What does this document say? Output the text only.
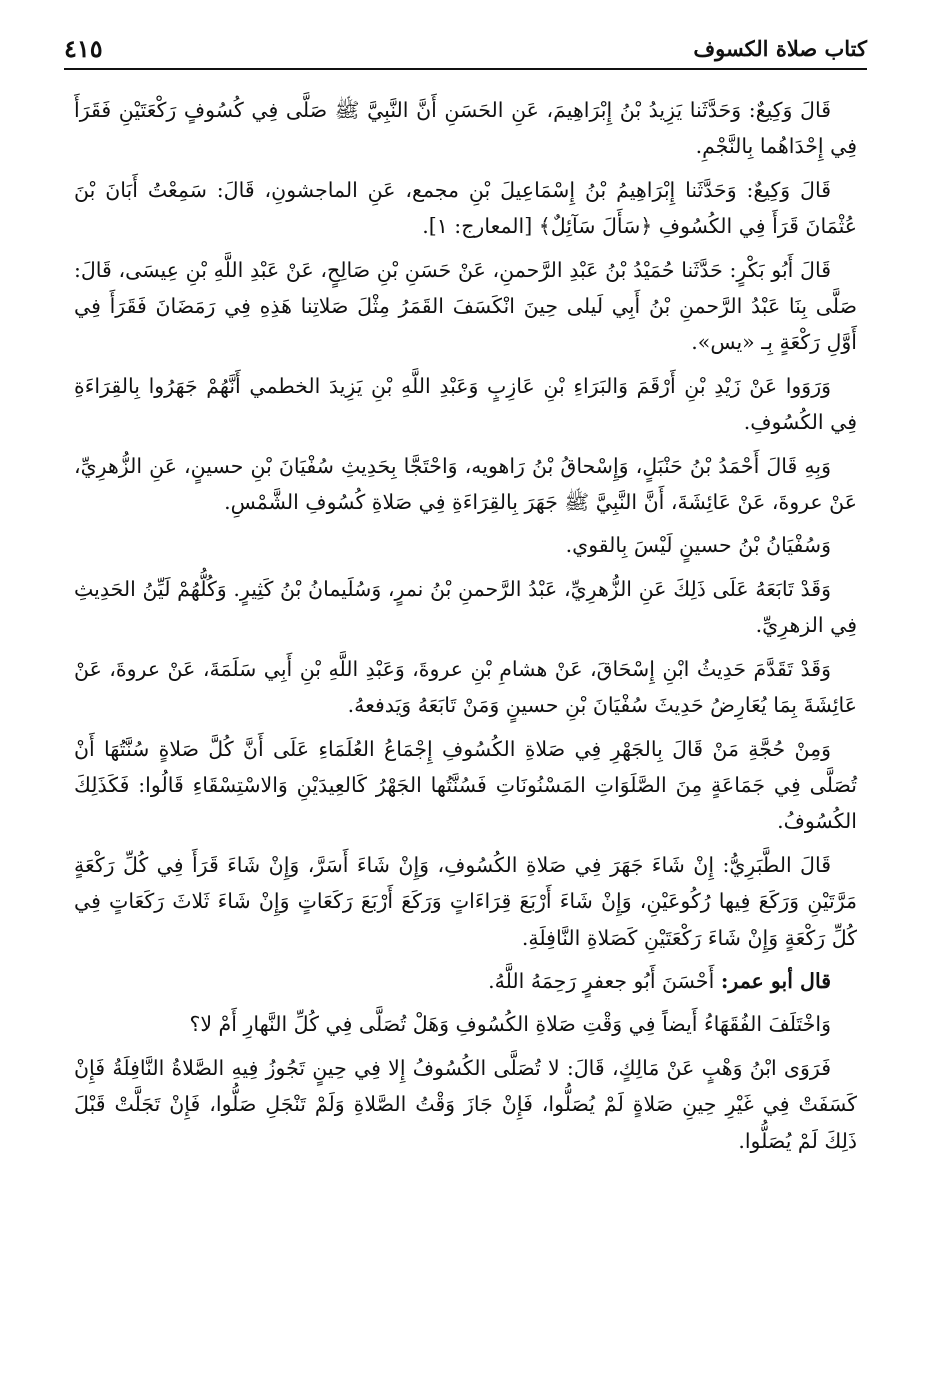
كتاب صلاة الكسوف
٤١٥

قَالَ وَكِيعٌ: وَحَدَّثَنا يَزِيدُ بْنُ إِبْرَاهِيمَ، عَنِ الحَسَنِ أَنَّ النَّبِيَّ ﷺ صَلَّى فِي كُسُوفٍ رَكْعَتَيْنِ فَقَرَأَ فِي إِحْدَاهُما بِالنَّجْمِ.

قَالَ وَكِيعٌ: وَحَدَّثَنا إِبْرَاهِيمُ بْنُ إِسْمَاعِيلَ بْنِ مجمع، عَنِ الماجشونِ، قَالَ: سَمِعْتُ أَبَانَ بْنَ عُثْمَانَ قَرَأَ فِي الكُسُوفِ ﴿سَأَلَ سَآئِلٌ﴾ [المعارج: ١].

قَالَ أَبُو بَكْرٍ: حَدَّثَنا حُمَيْدُ بْنُ عَبْدِ الرَّحمنِ، عَنْ حَسَنِ بْنِ صَالِحٍ، عَنْ عَبْدِ اللَّهِ بْنِ عِيسَى، قَالَ: صَلَّى بِنَا عَبْدُ الرَّحمنِ بْنُ أَبِي لَيلى حِينَ انْكَسَفَ القَمَرُ مِثْلَ صَلاتِنا هَذِهِ فِي رَمَضَانَ فَقَرَأَ فِي أَوَّلِ رَكْعَةٍ بِـ «يس».

وَرَوَوا عَنْ زَيْدِ بْنِ أَرْقَمَ وَالبَرَاءِ بْنِ عَازِبٍ وَعَبْدِ اللَّهِ بْنِ يَزِيدَ الخطمي أَنَّهُمْ جَهَرُوا بِالقِرَاءَةِ فِي الكُسُوفِ.

وَبِهِ قَالَ أَحْمَدُ بْنُ حَنْبَلٍ، وَإِسْحاقُ بْنُ رَاهويه، وَاحْتَجَّا بِحَدِيثِ سُفْيَانَ بْنِ حسينٍ، عَنِ الزُّهرِيِّ، عَنْ عروةَ، عَنْ عَائِشَةَ، أَنَّ النَّبِيَّ ﷺ جَهَرَ بِالقِرَاءَةِ فِي صَلاةِ كُسُوفِ الشَّمْسِ.

وَسُفْيَانُ بْنُ حسينٍ لَيْسَ بِالقوي.

وَقَدْ تَابَعَهُ عَلَى ذَلِكَ عَنِ الزُّهرِيِّ، عَبْدُ الرَّحمنِ بْنُ نمرٍ، وَسُلَيمانُ بْنُ كَثِيرٍ. وَكُلُّهُمْ لَيِّنُ الحَدِيثِ فِي الزهرِيِّ.

وَقَدْ تَقَدَّمَ حَدِيثُ ابْنِ إِسْحَاقَ، عَنْ هشامِ بْنِ عروةَ، وَعَبْدِ اللَّهِ بْنِ أَبِي سَلَمَةَ، عَنْ عروةَ، عَنْ عَائِشَةَ بِمَا يُعَارِضُ حَدِيثَ سُفْيَانَ بْنِ حسينٍ وَمَنْ تَابَعَهُ وَيَدفعهُ.

وَمِنْ حُجَّةِ مَنْ قَالَ بِالجَهْرِ فِي صَلاةِ الكُسُوفِ إِجْمَاعُ العُلَمَاءِ عَلَى أَنَّ كُلَّ صَلاةٍ سُنَّتُهَا أَنْ تُصَلَّى فِي جَمَاعَةٍ مِنَ الصَّلَوَاتِ المَسْنُونَاتِ فَسُنَّتُها الجَهْرُ كَالعِيدَيْنِ وَالاسْتِسْقَاءِ قَالُوا: فَكَذَلِكَ الكُسُوفُ.

قَالَ الطَّبَرِيُّ: إِنْ شَاءَ جَهَرَ فِي صَلاةِ الكُسُوفِ، وَإِنْ شَاءَ أَسَرَّ، وَإِنْ شَاءَ قَرَأَ فِي كُلِّ رَكْعَةٍ مَرَّتَيْنِ وَرَكَعَ فِيها رُكُوعَيْنِ، وَإِنْ شَاءَ أَرْبَعَ قِرَاءَاتٍ وَرَكَعَ أَرْبَعَ رَكَعَاتٍ وَإِنْ شَاءَ ثَلاثَ رَكَعَاتٍ فِي كُلِّ رَكْعَةٍ وَإِنْ شَاءَ رَكْعَتَيْنِ كَصَلاةِ النَّافِلَةِ.

قال أبو عمر: أَحْسَنَ أَبُو جعفرٍ رَحِمَهُ اللَّهُ.

وَاخْتَلَفَ الفُقَهَاءُ أَيضاً فِي وَقْتِ صَلاةِ الكُسُوفِ وَهَلْ تُصَلَّى فِي كُلِّ النَّهارِ أَمْ لا؟

فَرَوَى ابْنُ وَهْبٍ عَنْ مَالِكٍ، قَالَ: لا تُصَلَّى الكُسُوفُ إِلا فِي حِينٍ تَجُوزُ فِيهِ الصَّلاةُ النَّافِلَةُ فَإِنْ كَسَفَتْ فِي غَيْرِ حِينِ صَلاةٍ لَمْ يُصَلُّوا، فَإِنْ جَازَ وَقْتُ الصَّلاةِ وَلَمْ تَنْجَلِ صَلُّوا، فَإِنْ تَجَلَّتْ قَبْلَ ذَلِكَ لَمْ يُصَلُّوا.
